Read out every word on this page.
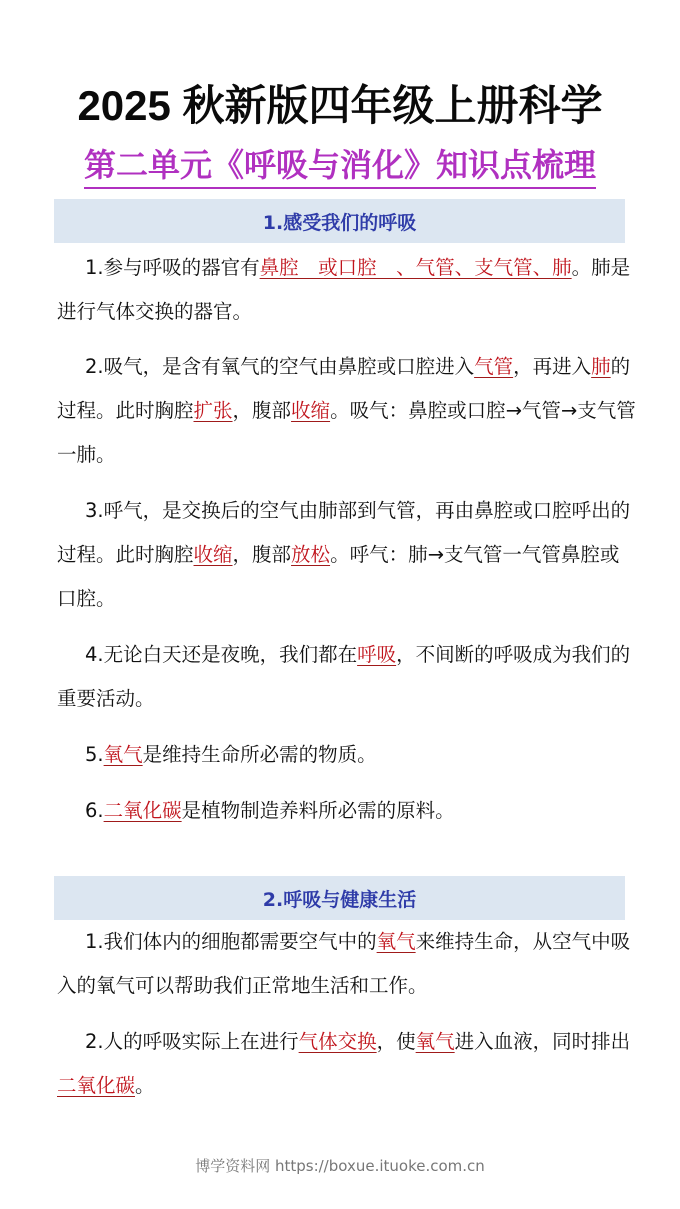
2025 秋新版四年级上册科学
第二单元《呼吸与消化》知识点梳理
1.感受我们的呼吸
1.参与呼吸的器官有鼻腔　或口腔　、气管、支气管、肺。肺是进行气体交换的器官。
2.吸气，是含有氧气的空气由鼻腔或口腔进入气管，再进入肺的过程。此时胸腔扩张，腹部收缩。吸气：鼻腔或口腔→气管→支气管一肺。
3.呼气，是交换后的空气由肺部到气管，再由鼻腔或口腔呼出的过程。此时胸腔收缩，腹部放松。呼气：肺→支气管一气管鼻腔或口腔。
4.无论白天还是夜晚，我们都在呼吸，不间断的呼吸成为我们的重要活动。
5.氧气是维持生命所必需的物质。
6.二氧化碳是植物制造养料所必需的原料。
2.呼吸与健康生活
1.我们体内的细胞都需要空气中的氧气来维持生命，从空气中吸入的氧气可以帮助我们正常地生活和工作。
2.人的呼吸实际上在进行气体交换，使氧气进入血液，同时排出二氧化碳。
博学资料网 https://boxue.ituoke.com.cn
